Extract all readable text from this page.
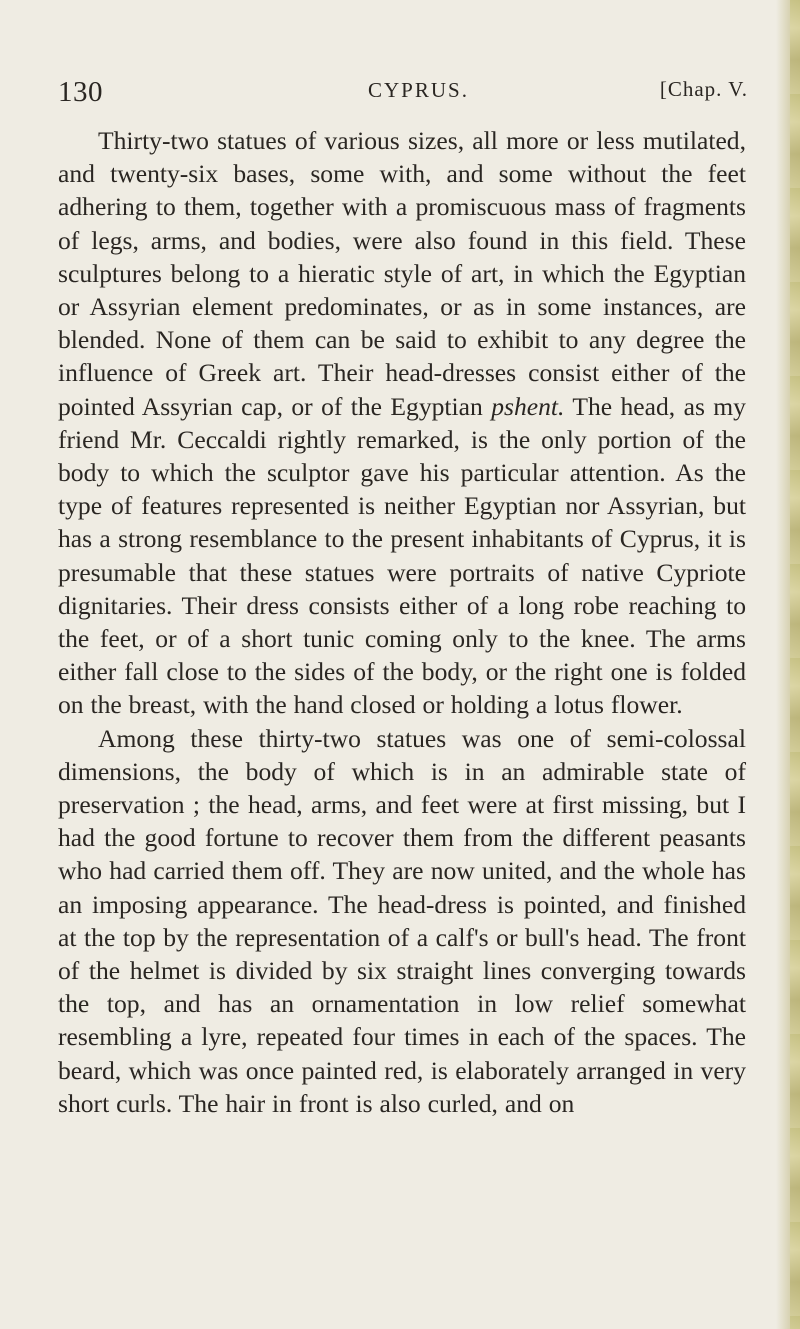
130	CYPRUS.	[Chap. V.

Thirty-two statues of various sizes, all more or less mutilated, and twenty-six bases, some with, and some without the feet adhering to them, together with a promiscuous mass of fragments of legs, arms, and bodies, were also found in this field. These sculptures belong to a hieratic style of art, in which the Egyptian or Assyrian element predominates, or as in some instances, are blended. None of them can be said to exhibit to any degree the influence of Greek art. Their head-dresses consist either of the pointed Assyrian cap, or of the Egyptian pshent. The head, as my friend Mr. Ceccaldi rightly remarked, is the only portion of the body to which the sculptor gave his particular attention. As the type of features represented is neither Egyptian nor Assyrian, but has a strong resemblance to the present inhabitants of Cyprus, it is presumable that these statues were portraits of native Cypriote dignitaries. Their dress consists either of a long robe reaching to the feet, or of a short tunic coming only to the knee. The arms either fall close to the sides of the body, or the right one is folded on the breast, with the hand closed or holding a lotus flower.

Among these thirty-two statues was one of semi-colossal dimensions, the body of which is in an admirable state of preservation ; the head, arms, and feet were at first missing, but I had the good fortune to recover them from the different peasants who had carried them off. They are now united, and the whole has an imposing appearance. The head-dress is pointed, and finished at the top by the representation of a calf's or bull's head. The front of the helmet is divided by six straight lines converging towards the top, and has an ornamentation in low relief somewhat resembling a lyre, repeated four times in each of the spaces. The beard, which was once painted red, is elaborately arranged in very short curls. The hair in front is also curled, and on
